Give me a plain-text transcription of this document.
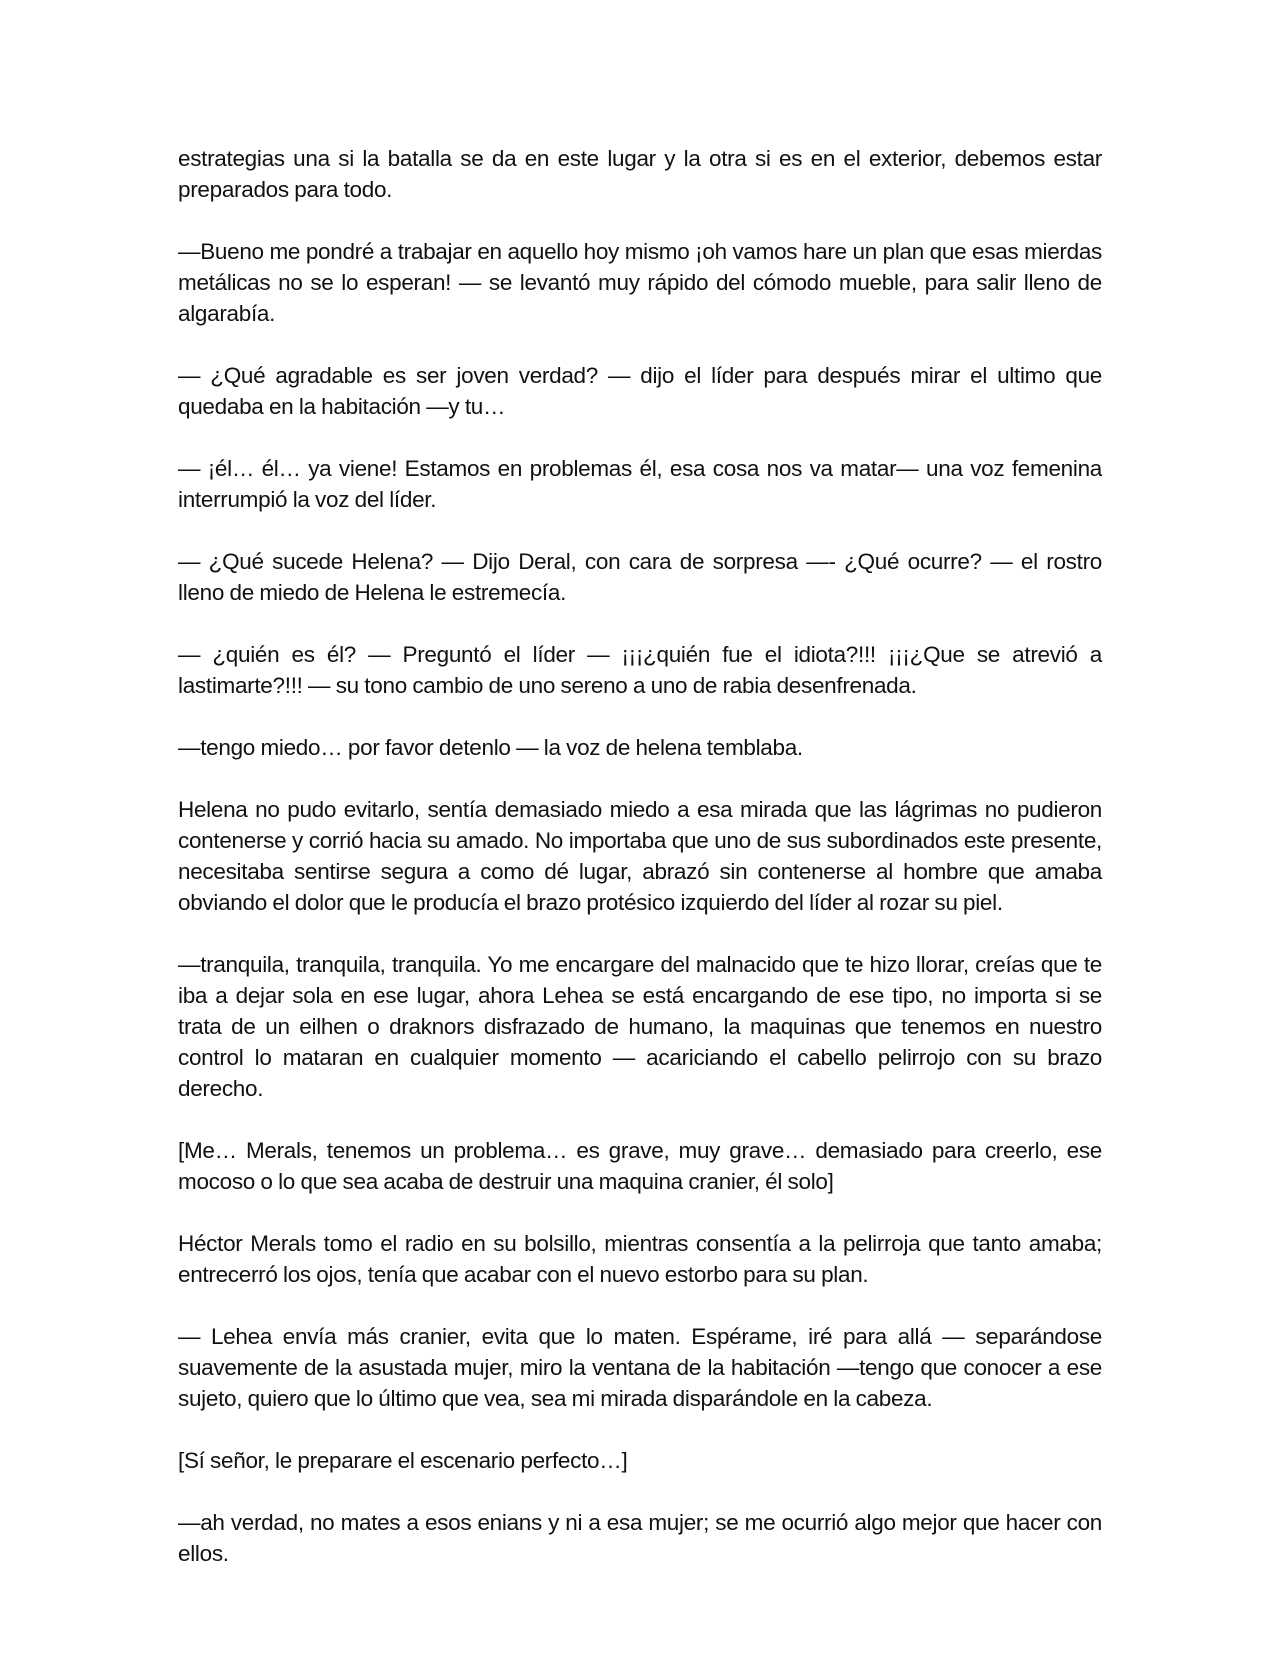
estrategias una si la batalla se da en este lugar y la otra si es en el exterior, debemos estar preparados para todo.

—Bueno me pondré a trabajar en aquello hoy mismo ¡oh vamos hare un plan que esas mierdas metálicas no se lo esperan! — se levantó muy rápido del cómodo mueble, para salir lleno de algarabía.

— ¿Qué agradable es ser joven verdad? — dijo el líder para después mirar el ultimo que quedaba en la habitación —y tu…

— ¡él… él… ya viene! Estamos en problemas él, esa cosa nos va matar— una voz femenina interrumpió la voz del líder.

— ¿Qué sucede Helena? — Dijo Deral, con cara de sorpresa —- ¿Qué ocurre? — el rostro lleno de miedo de Helena le estremecía.

— ¿quién es él? — Preguntó el líder — ¡¡¡¿quién fue el idiota?!!! ¡¡¡¿Que se atrevió a lastimarte?!!! — su tono cambio de uno sereno a uno de rabia desenfrenada.

—tengo miedo… por favor detenlo — la voz de helena temblaba.

Helena no pudo evitarlo, sentía demasiado miedo a esa mirada que las lágrimas no pudieron contenerse y corrió hacia su amado. No importaba que uno de sus subordinados este presente, necesitaba sentirse segura a como dé lugar, abrazó sin contenerse al hombre que amaba obviando el dolor que le producía el brazo protésico izquierdo del líder al rozar su piel.

—tranquila, tranquila, tranquila. Yo me encargare del malnacido que te hizo llorar, creías que te iba a dejar sola en ese lugar, ahora Lehea se está encargando de ese tipo, no importa si se trata de un eilhen o draknors disfrazado de humano, la maquinas que tenemos en nuestro control lo mataran en cualquier momento — acariciando el cabello pelirrojo con su brazo derecho.

[Me… Merals, tenemos un problema… es grave, muy grave… demasiado para creerlo, ese mocoso o lo que sea acaba de destruir una maquina cranier, él solo]

Héctor Merals tomo el radio en su bolsillo, mientras consentía a la pelirroja que tanto amaba; entrecerró los ojos, tenía que acabar con el nuevo estorbo para su plan.

— Lehea envía más cranier, evita que lo maten. Espérame, iré para allá — separándose suavemente de la asustada mujer, miro la ventana de la habitación —tengo que conocer a ese sujeto, quiero que lo último que vea, sea mi mirada disparándole en la cabeza.

[Sí señor, le preparare el escenario perfecto…]

—ah verdad, no mates a esos enians y ni a esa mujer; se me ocurrió algo mejor que hacer con ellos.
